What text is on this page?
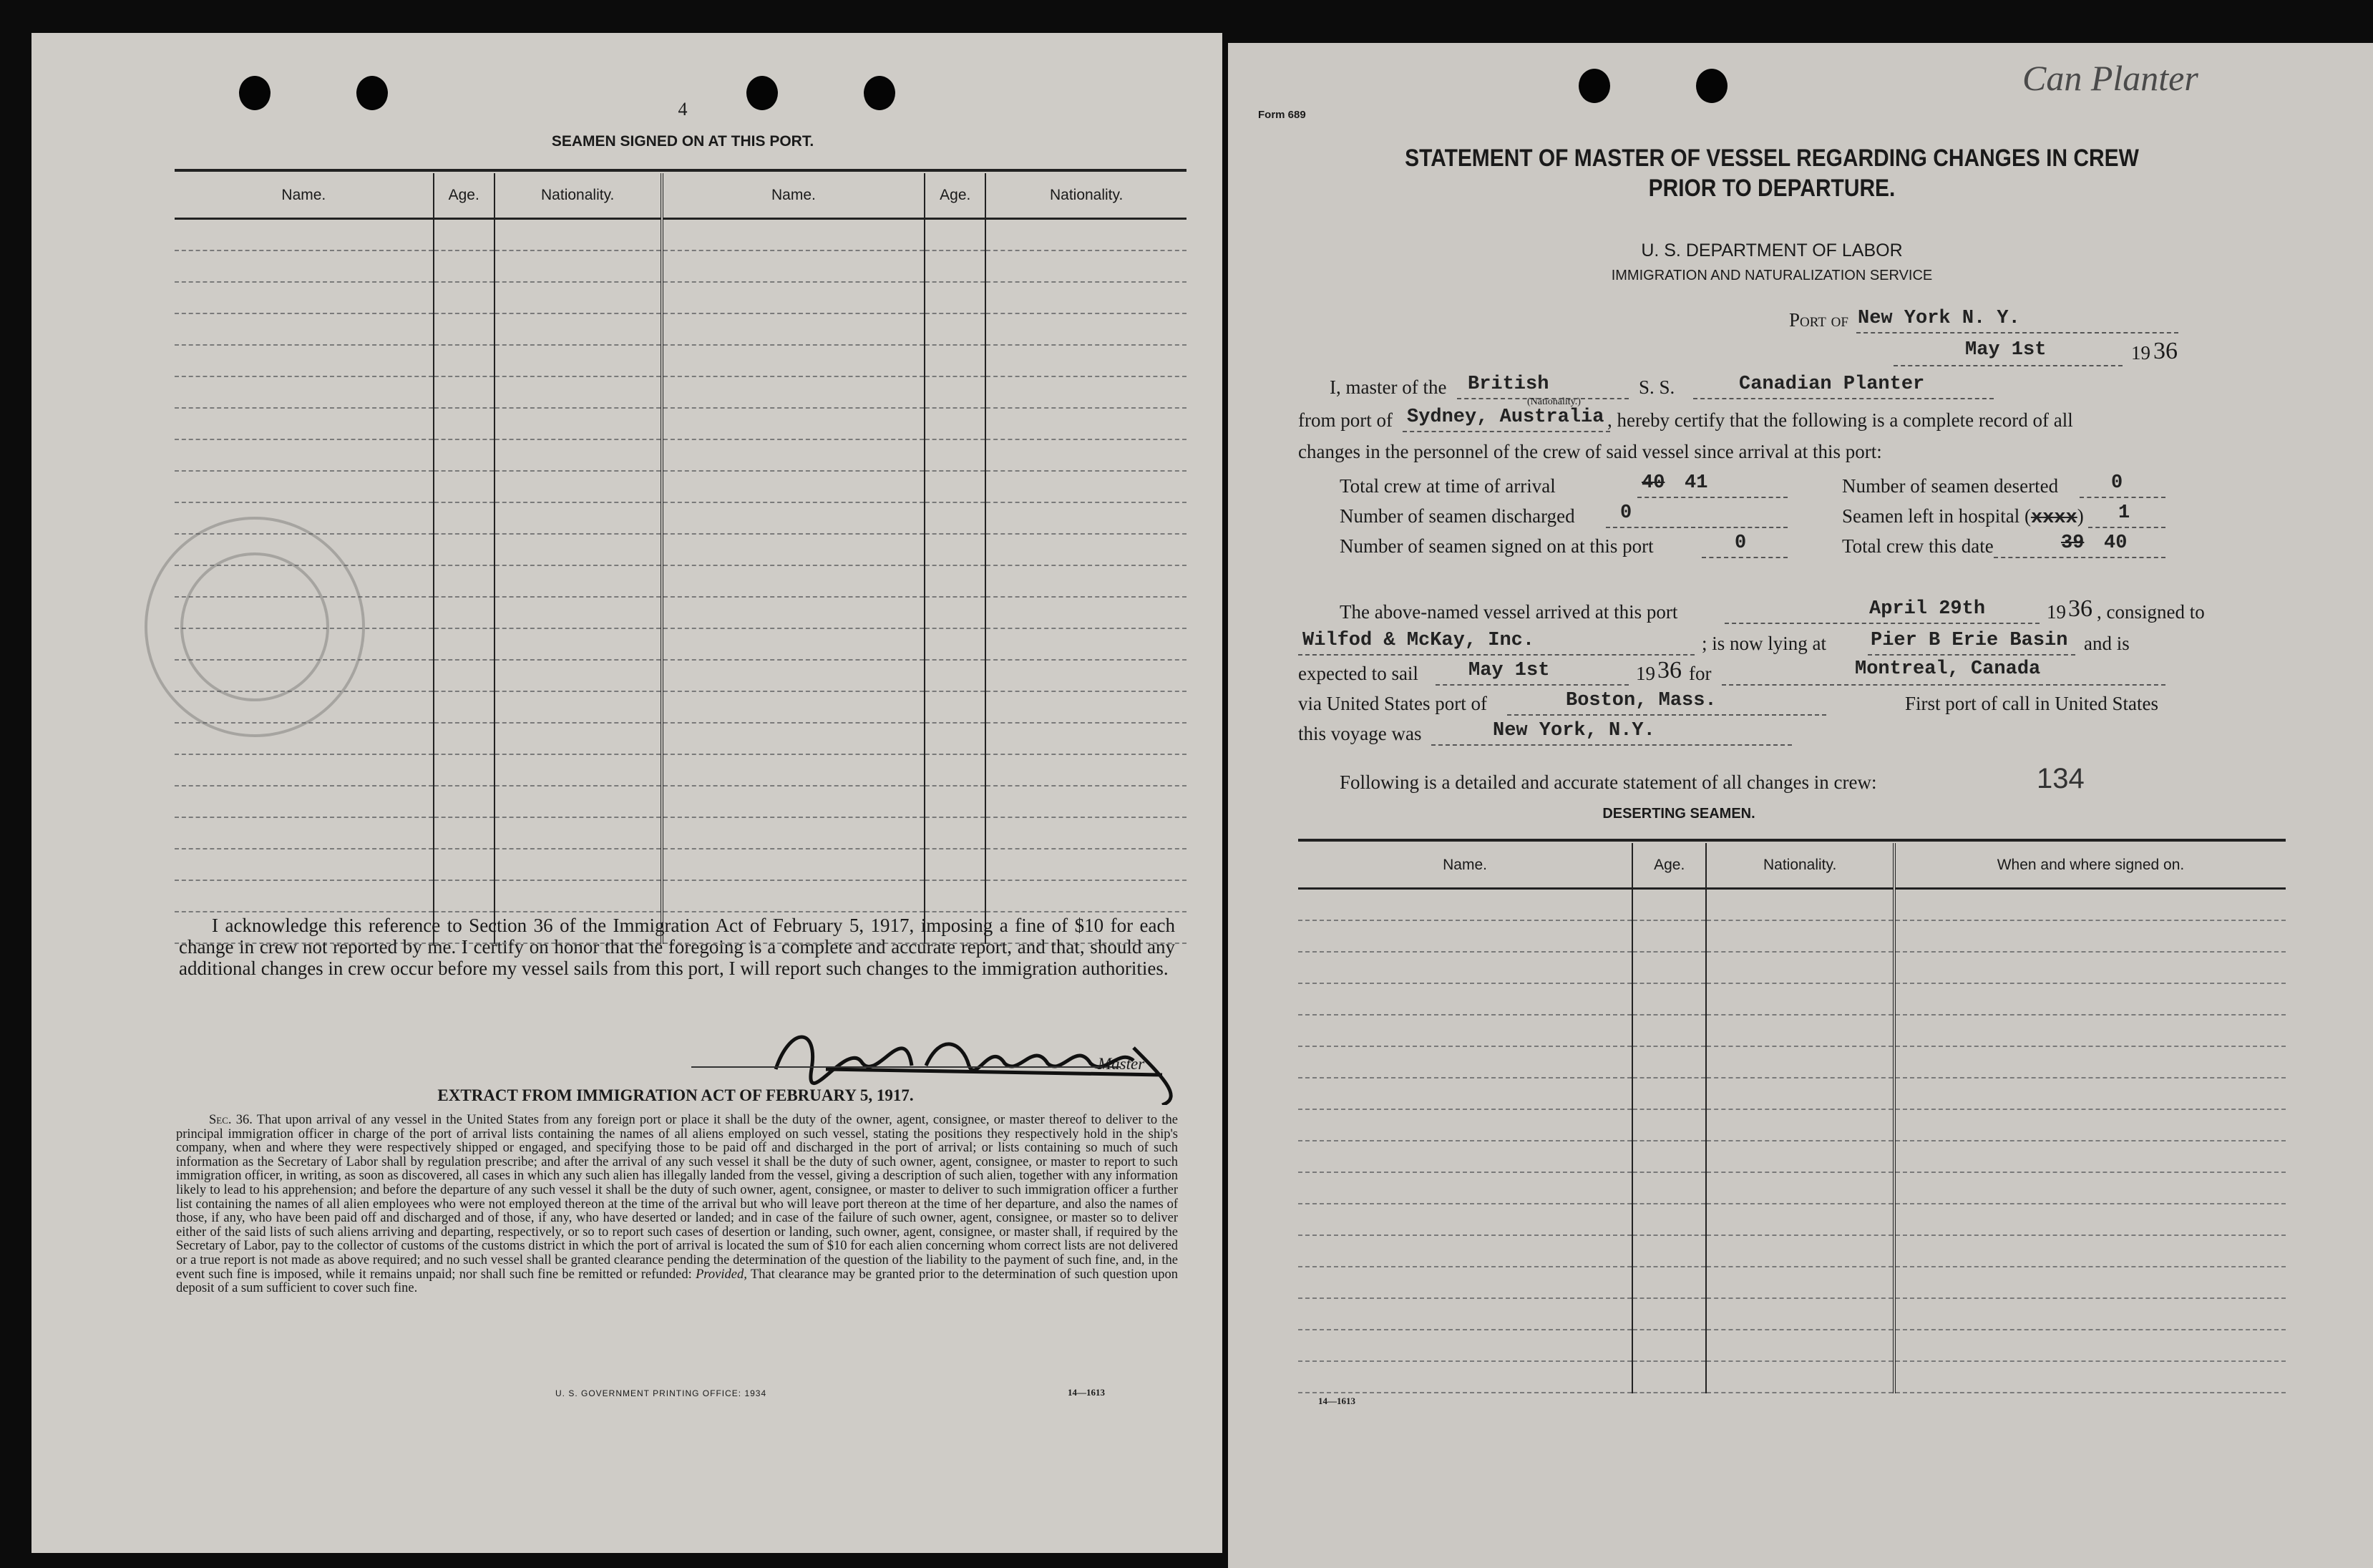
4
SEAMEN SIGNED ON AT THIS PORT.
Name.	Age.	Nationality.	Name.	Age.	Nationality.

I acknowledge this reference to Section 36 of the Immigration Act of February 5, 1917, imposing a fine of $10 for each change in crew not reported by me. I certify on honor that the foregoing is a complete and accurate report, and that, should any additional changes in crew occur before my vessel sails from this port, I will report such changes to the immigration authorities.
Master
EXTRACT FROM IMMIGRATION ACT OF FEBRUARY 5, 1917.
Sec. 36. That upon arrival of any vessel in the United States from any foreign port or place it shall be the duty of the owner, agent, consignee, or master thereof to deliver to the principal immigration officer in charge of the port of arrival lists containing the names of all aliens employed on such vessel, stating the positions they respectively hold in the ship's company, when and where they were respectively shipped or engaged, and specifying those to be paid off and discharged in the port of arrival; or lists containing so much of such information as the Secretary of Labor shall by regulation prescribe; and after the arrival of any such vessel it shall be the duty of such owner, agent, consignee, or master to report to such immigration officer, in writing, as soon as discovered, all cases in which any such alien has illegally landed from the vessel, giving a description of such alien, together with any information likely to lead to his apprehension; and before the departure of any such vessel it shall be the duty of such owner, agent, consignee, or master to deliver to such immigration officer a further list containing the names of all alien employees who were not employed thereon at the time of the arrival but who will leave port thereon at the time of her departure, and also the names of those, if any, who have been paid off and discharged and of those, if any, who have deserted or landed; and in case of the failure of such owner, agent, consignee, or master so to deliver either of the said lists of such aliens arriving and departing, respectively, or so to report such cases of desertion or landing, such owner, agent, consignee, or master shall, if required by the Secretary of Labor, pay to the collector of customs of the customs district in which the port of arrival is located the sum of $10 for each alien concerning whom correct lists are not delivered or a true report is not made as above required; and no such vessel shall be granted clearance pending the determination of the question of the liability to the payment of such fine, and, in the event such fine is imposed, while it remains unpaid; nor shall such fine be remitted or refunded: Provided, That clearance may be granted prior to the determination of such question upon deposit of a sum sufficient to cover such fine.
U. S. GOVERNMENT PRINTING OFFICE: 1934	14—1613
Form 689
Can Planter
STATEMENT OF MASTER OF VESSEL REGARDING CHANGES IN CREW
PRIOR TO DEPARTURE.
U. S. DEPARTMENT OF LABOR
IMMIGRATION AND NATURALIZATION SERVICE
Port of New York N. Y.
May 1st	19 36
I, master of the British
(Nationality.)
S. S.	Canadian Planter
from port of Sydney, Australia , hereby certify that the following is a complete record of all
changes in the personnel of the crew of said vessel since arrival at this port:
Total crew at time of arrival	40 41	Number of seamen deserted	0
Number of seamen discharged 0	Seamen left in hospital (xxxx) 1
Number of seamen signed on at this port	0	Total crew this date	39 40
The above-named vessel arrived at this port	April 29th	19 36 , consigned to
Wilfod & McKay, Inc.	; is now lying at Pier B Erie Basin and is
expected to sail	May 1st	19 36 for	Montreal, Canada
via United States port of	Boston, Mass.	First port of call in United States
this voyage was	New York, N.Y.
Following is a detailed and accurate statement of all changes in crew:	134
DESERTING SEAMEN.
Name.	Age.	Nationality.	When and where signed on.

14—1613
